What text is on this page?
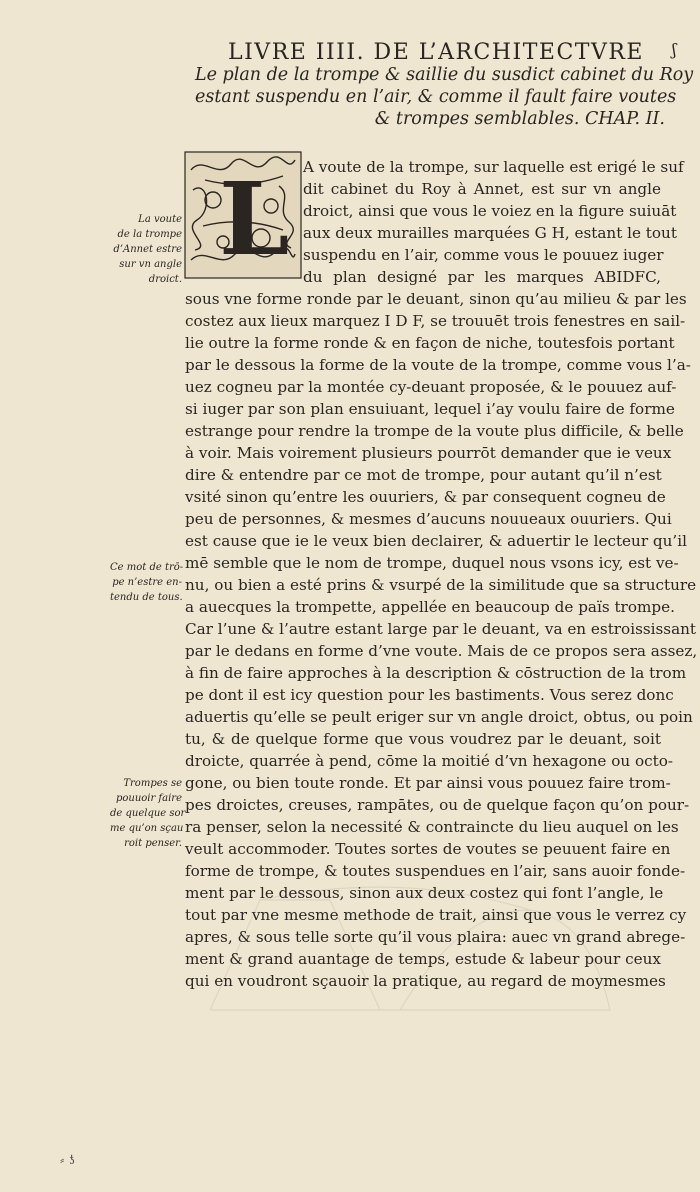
LIVRE IIII. DE L’ARCHITECTVRE	ʃ
Le plan de la trompe & saillie du susdict cabinet du Roy
estant suspendu en l’air, & comme il fault faire voutes
& trompes semblables. CHAP. II.
L
La voute
de la trompe
d’Annet estre
sur vn angle
droict.
Ce mot de trō-
pe n’estre en-
tendu de tous.
Trompes se
pouuoir faire
de quelque sor
me qu’on sçau
roit penser.
A voute de la trompe, sur laquelle est erigé le suf
dit cabinet du Roy à Annet, est sur vn angle
droict, ainsi que vous le voiez en la figure suiuāt
aux deux murailles marquées G H, estant le tout
suspendu en l’air, comme vous le pouuez iuger
du plan designé par les marques ABIDFC,
sous vne forme ronde par le deuant, sinon qu’au milieu & par les
costez aux lieux marquez I D F, se trouuēt trois fenestres en sail-
lie outre la forme ronde & en façon de niche, toutesfois portant
par le dessous la forme de la voute de la trompe, comme vous l’a-
uez cogneu par la montée cy-deuant proposée, & le pouuez auf-
si iuger par son plan ensuiuant, lequel i’ay voulu faire de forme
estrange pour rendre la trompe de la voute plus difficile, & belle
à voir. Mais voirement plusieurs pourrōt demander que ie veux
dire & entendre par ce mot de trompe, pour autant qu’il n’est
vsité sinon qu’entre les ouuriers, & par consequent cogneu de
peu de personnes, & mesmes d’aucuns nouueaux ouuriers. Qui
est cause que ie le veux bien declairer, & aduertir le lecteur qu’il
mē semble que le nom de trompe, duquel nous vsons icy, est ve-
nu, ou bien a esté prins & vsurpé de la similitude que sa structure
a auecques la trompette, appellée en beaucoup de païs trompe.
Car l’une & l’autre estant large par le deuant, va en estroississant
par le dedans en forme d’vne voute. Mais de ce propos sera assez,
à fin de faire approches à la description & cōstruction de la trom
pe dont il est icy question pour les bastiments. Vous serez donc
aduertis qu’elle se peult eriger sur vn angle droict, obtus, ou poin
tu, & de quelque forme que vous voudrez par le deuant, soit
droicte, quarrée à pend, cōme la moitié d’vn hexagone ou octo-
gone, ou bien toute ronde. Et par ainsi vous pouuez faire trom-
pes droictes, creuses, rampātes, ou de quelque façon qu’on pour-
ra penser, selon la necessité & contraincte du lieu auquel on les
veult accommoder. Toutes sortes de voutes se peuuent faire en
forme de trompe, & toutes suspendues en l’air, sans auoir fonde-
ment par le dessous, sinon aux deux costez qui font l’angle, le
tout par vne mesme methode de trait, ainsi que vous le verrez cy
apres, & sous telle sorte qu’il vous plaira: auec vn grand abrege-
ment & grand auantage de temps, estude & labeur pour ceux
qui en voudront sçauoir la pratique, au regard de moymesmes
⸗ ƾ
